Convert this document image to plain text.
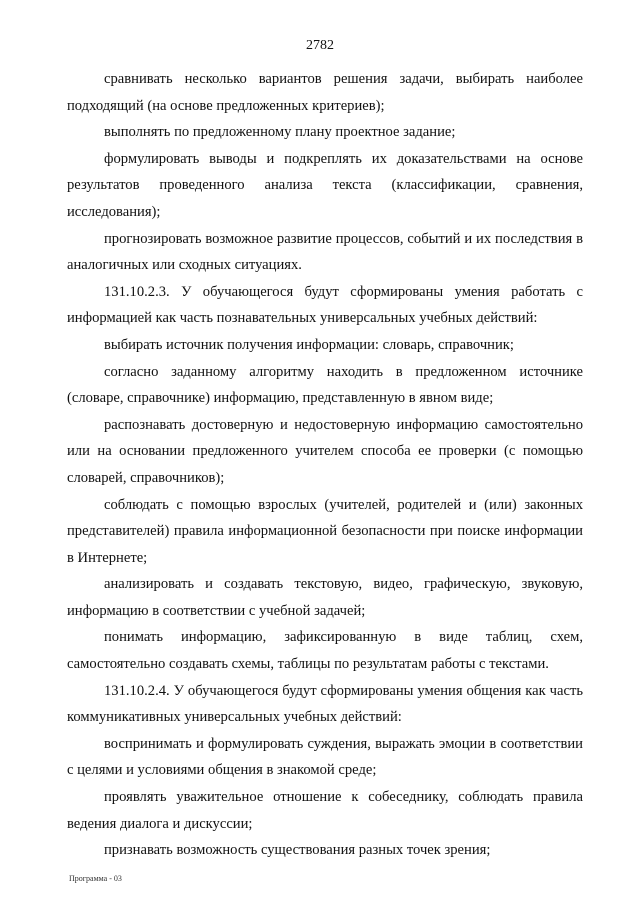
2782

сравнивать несколько вариантов решения задачи, выбирать наиболее подходящий (на основе предложенных критериев);

выполнять по предложенному плану проектное задание;

формулировать выводы и подкреплять их доказательствами на основе результатов проведенного анализа текста (классификации, сравнения, исследования);

прогнозировать возможное развитие процессов, событий и их последствия в аналогичных или сходных ситуациях.

131.10.2.3. У обучающегося будут сформированы умения работать с информацией как часть познавательных универсальных учебных действий:

выбирать источник получения информации: словарь, справочник;

согласно заданному алгоритму находить в предложенном источнике (словаре, справочнике) информацию, представленную в явном виде;

распознавать достоверную и недостоверную информацию самостоятельно или на основании предложенного учителем способа ее проверки (с помощью словарей, справочников);

соблюдать с помощью взрослых (учителей, родителей и (или) законных представителей) правила информационной безопасности при поиске информации в Интернете;

анализировать и создавать текстовую, видео, графическую, звуковую, информацию в соответствии с учебной задачей;

понимать информацию, зафиксированную в виде таблиц, схем, самостоятельно создавать схемы, таблицы по результатам работы с текстами.

131.10.2.4. У обучающегося будут сформированы умения общения как часть коммуникативных универсальных учебных действий:

воспринимать и формулировать суждения, выражать эмоции в соответствии с целями и условиями общения в знакомой среде;

проявлять уважительное отношение к собеседнику, соблюдать правила ведения диалога и дискуссии;

признавать возможность существования разных точек зрения;

Программа - 03
